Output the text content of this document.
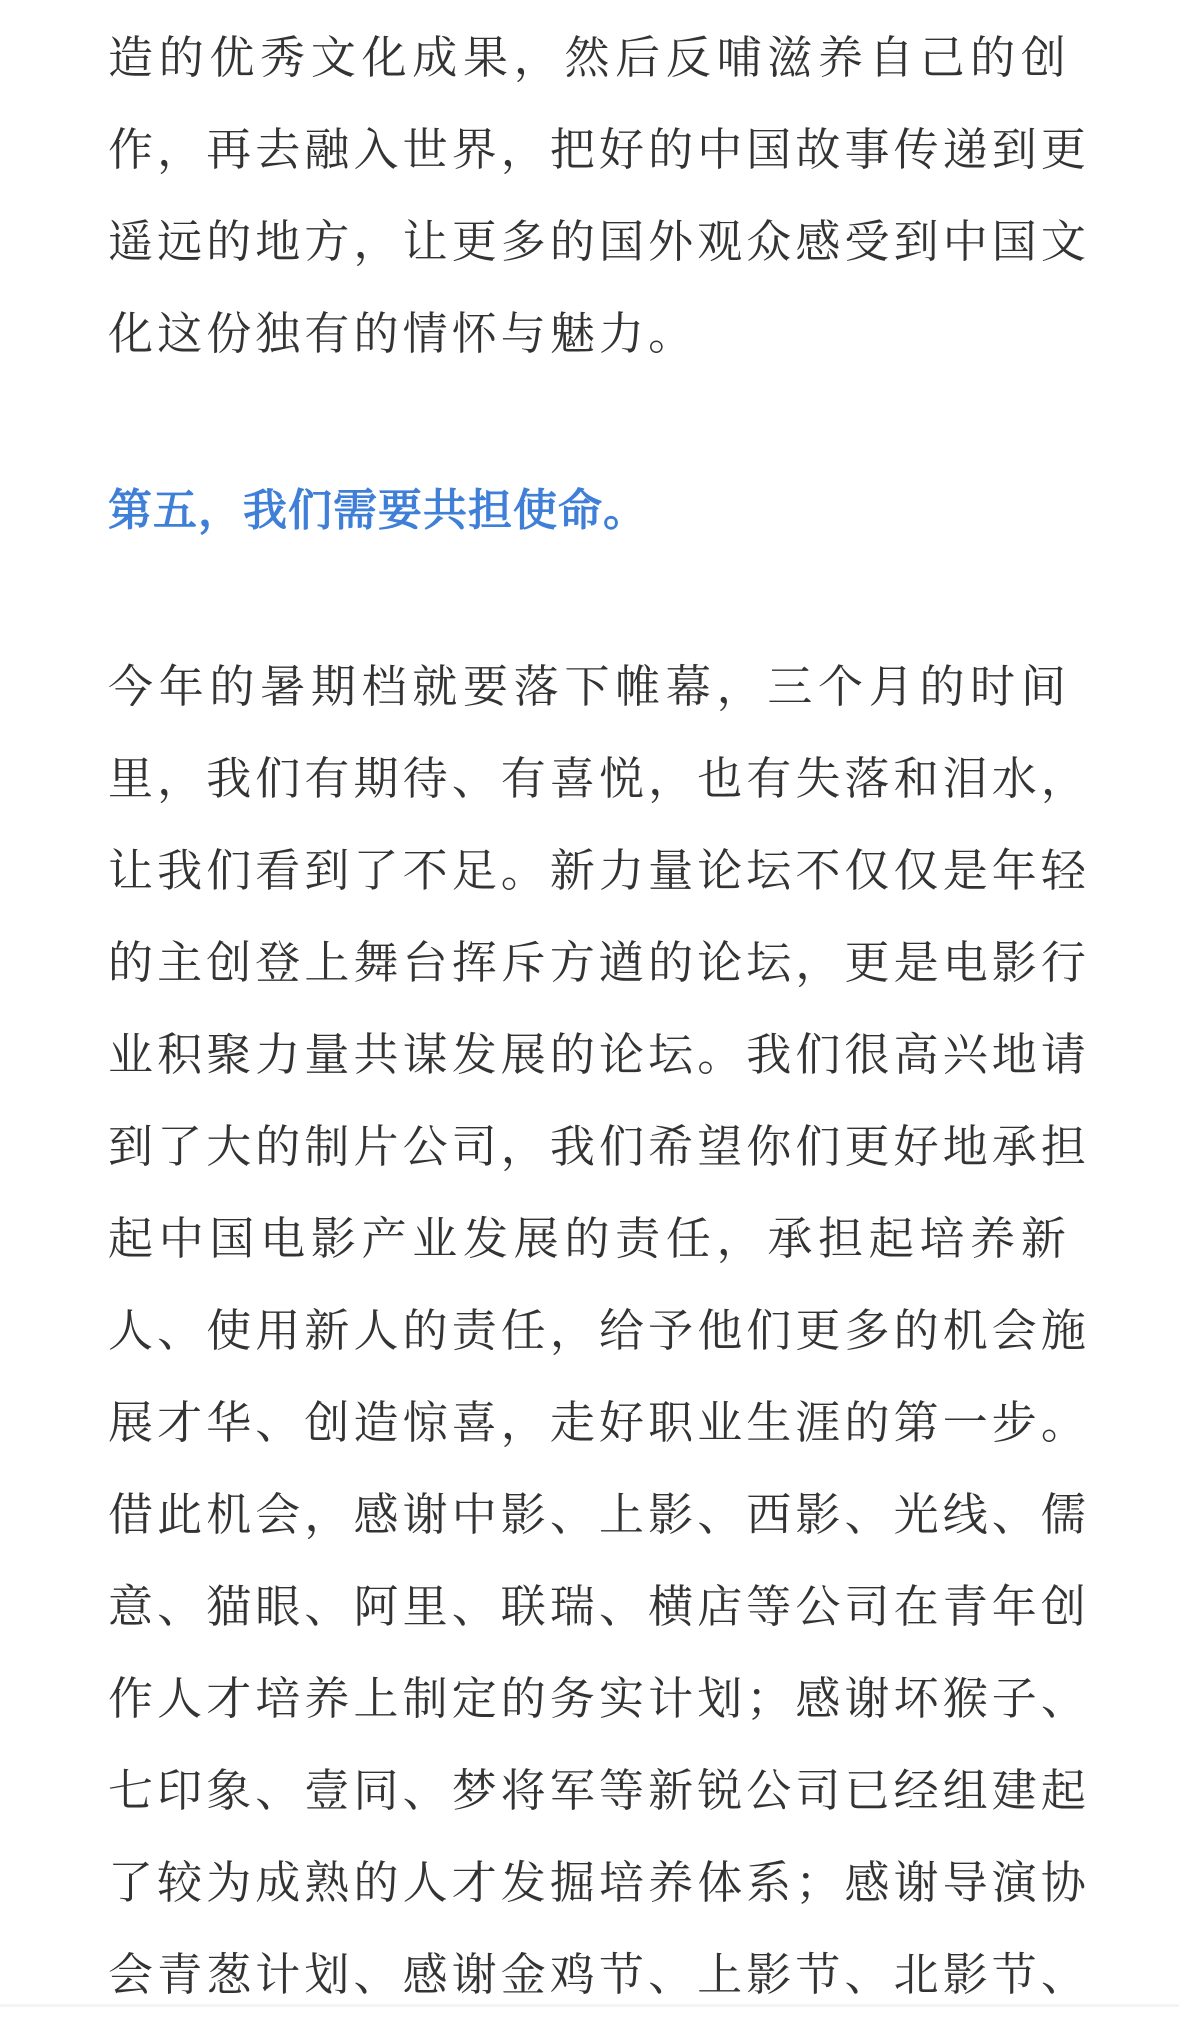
造的优秀文化成果，然后反哺滋养自己的创
作，再去融入世界，把好的中国故事传递到更
遥远的地方，让更多的国外观众感受到中国文
化这份独有的情怀与魅力。
第五，我们需要共担使命。
今年的暑期档就要落下帷幕，三个月的时间
里，我们有期待、有喜悦，也有失落和泪水，
让我们看到了不足。新力量论坛不仅仅是年轻
的主创登上舞台挥斥方遒的论坛，更是电影行
业积聚力量共谋发展的论坛。我们很高兴地请
到了大的制片公司，我们希望你们更好地承担
起中国电影产业发展的责任，承担起培养新
人、使用新人的责任，给予他们更多的机会施
展才华、创造惊喜，走好职业生涯的第一步。
借此机会，感谢中影、上影、西影、光线、儒
意、猫眼、阿里、联瑞、横店等公司在青年创
作人才培养上制定的务实计划；感谢坏猴子、
七印象、壹同、梦将军等新锐公司已经组建起
了较为成熟的人才发掘培养体系；感谢导演协
会青葱计划、感谢金鸡节、上影节、北影节、
